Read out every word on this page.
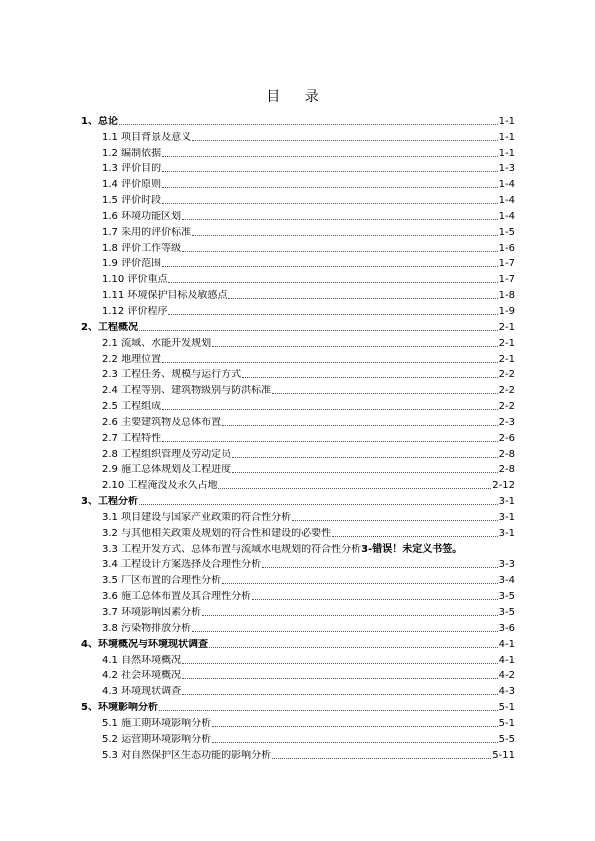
目 录
1、总论	1-1
1.1 项目背景及意义	1-1
1.2 编制依据	1-1
1.3 评价目的	1-3
1.4 评价原则	1-4
1.5 评价时段	1-4
1.6 环境功能区划	1-4
1.7 采用的评价标准	1-5
1.8 评价工作等级	1-6
1.9 评价范围	1-7
1.10 评价重点	1-7
1.11 环境保护目标及敏感点	1-8
1.12 评价程序	1-9
2、工程概况	2-1
2.1 流域、水能开发规划	2-1
2.2 地理位置	2-1
2.3 工程任务、规模与运行方式	2-2
2.4 工程等别、建筑物级别与防洪标准	2-2
2.5 工程组成	2-2
2.6 主要建筑物及总体布置	2-3
2.7 工程特性	2-6
2.8 工程组织管理及劳动定员	2-8
2.9 施工总体规划及工程进度	2-8
2.10 工程淹没及永久占地	2-12
3、工程分析	3-1
3.1 项目建设与国家产业政策的符合性分析	3-1
3.2 与其他相关政策及规划的符合性和建设的必要性	3-1
3.3 工程开发方式、总体布置与流域水电规划的符合性分析 3-错误！未定义书签。
3.4 工程设计方案选择及合理性分析	3-3
3.5 厂区布置的合理性分析	3-4
3.6 施工总体布置及其合理性分析	3-5
3.7 环境影响因素分析	3-5
3.8 污染物排放分析	3-6
4、环境概况与环境现状调查	4-1
4.1 自然环境概况	4-1
4.2 社会环境概况	4-2
4.3 环境现状调查	4-3
5、环境影响分析	5-1
5.1 施工期环境影响分析	5-1
5.2 运营期环境影响分析	5-5
5.3 对自然保护区生态功能的影响分析	5-11
